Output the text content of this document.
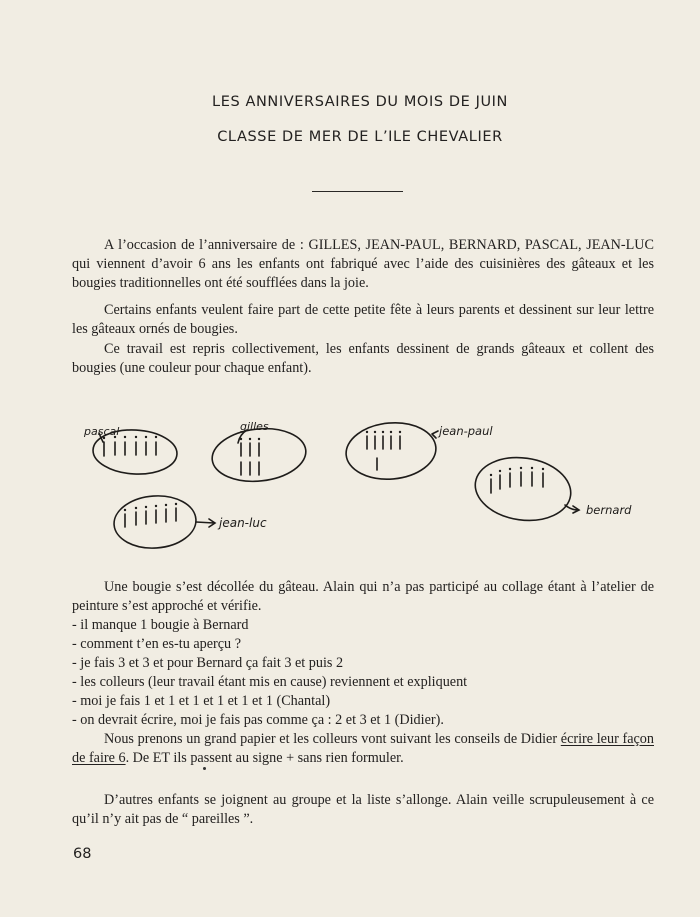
LES ANNIVERSAIRES DU MOIS DE JUIN
CLASSE DE MER DE L’ILE CHEVALIER
A l’occasion de l’anniversaire de : GILLES, JEAN-PAUL, BERNARD, PASCAL, JEAN-LUC qui viennent d’avoir 6 ans les enfants ont fabriqué avec l’aide des cuisinières des gâteaux et les bougies traditionnelles ont été soufflées dans la joie.
Certains enfants veulent faire part de cette petite fête à leurs parents et dessinent sur leur lettre les gâteaux ornés de bougies.
Ce travail est repris collectivement, les enfants dessinent de grands gâteaux et collent des bougies (une couleur pour chaque enfant).
pascal	gilles	jean-paul
bernard
jean-luc
Une bougie s’est décollée du gâteau. Alain qui n’a pas participé au collage étant à l’atelier de peinture s’est approché et vérifie.
- il manque 1 bougie à Bernard
- comment t’en es-tu aperçu ?
- je fais 3 et 3 et pour Bernard ça fait 3 et puis 2
- les colleurs (leur travail étant mis en cause) reviennent et expliquent
- moi je fais 1 et 1 et 1 et 1 et 1 et 1 (Chantal)
- on devrait écrire, moi je fais pas comme ça : 2 et 3 et 1 (Didier).
Nous prenons un grand papier et les colleurs vont suivant les conseils de Didier écrire leur façon de faire 6. De ET ils passent au signe + sans rien formuler.
D’autres enfants se joignent au groupe et la liste s’allonge. Alain veille scrupuleusement à ce qu’il n’y ait pas de “ pareilles ”.
68
